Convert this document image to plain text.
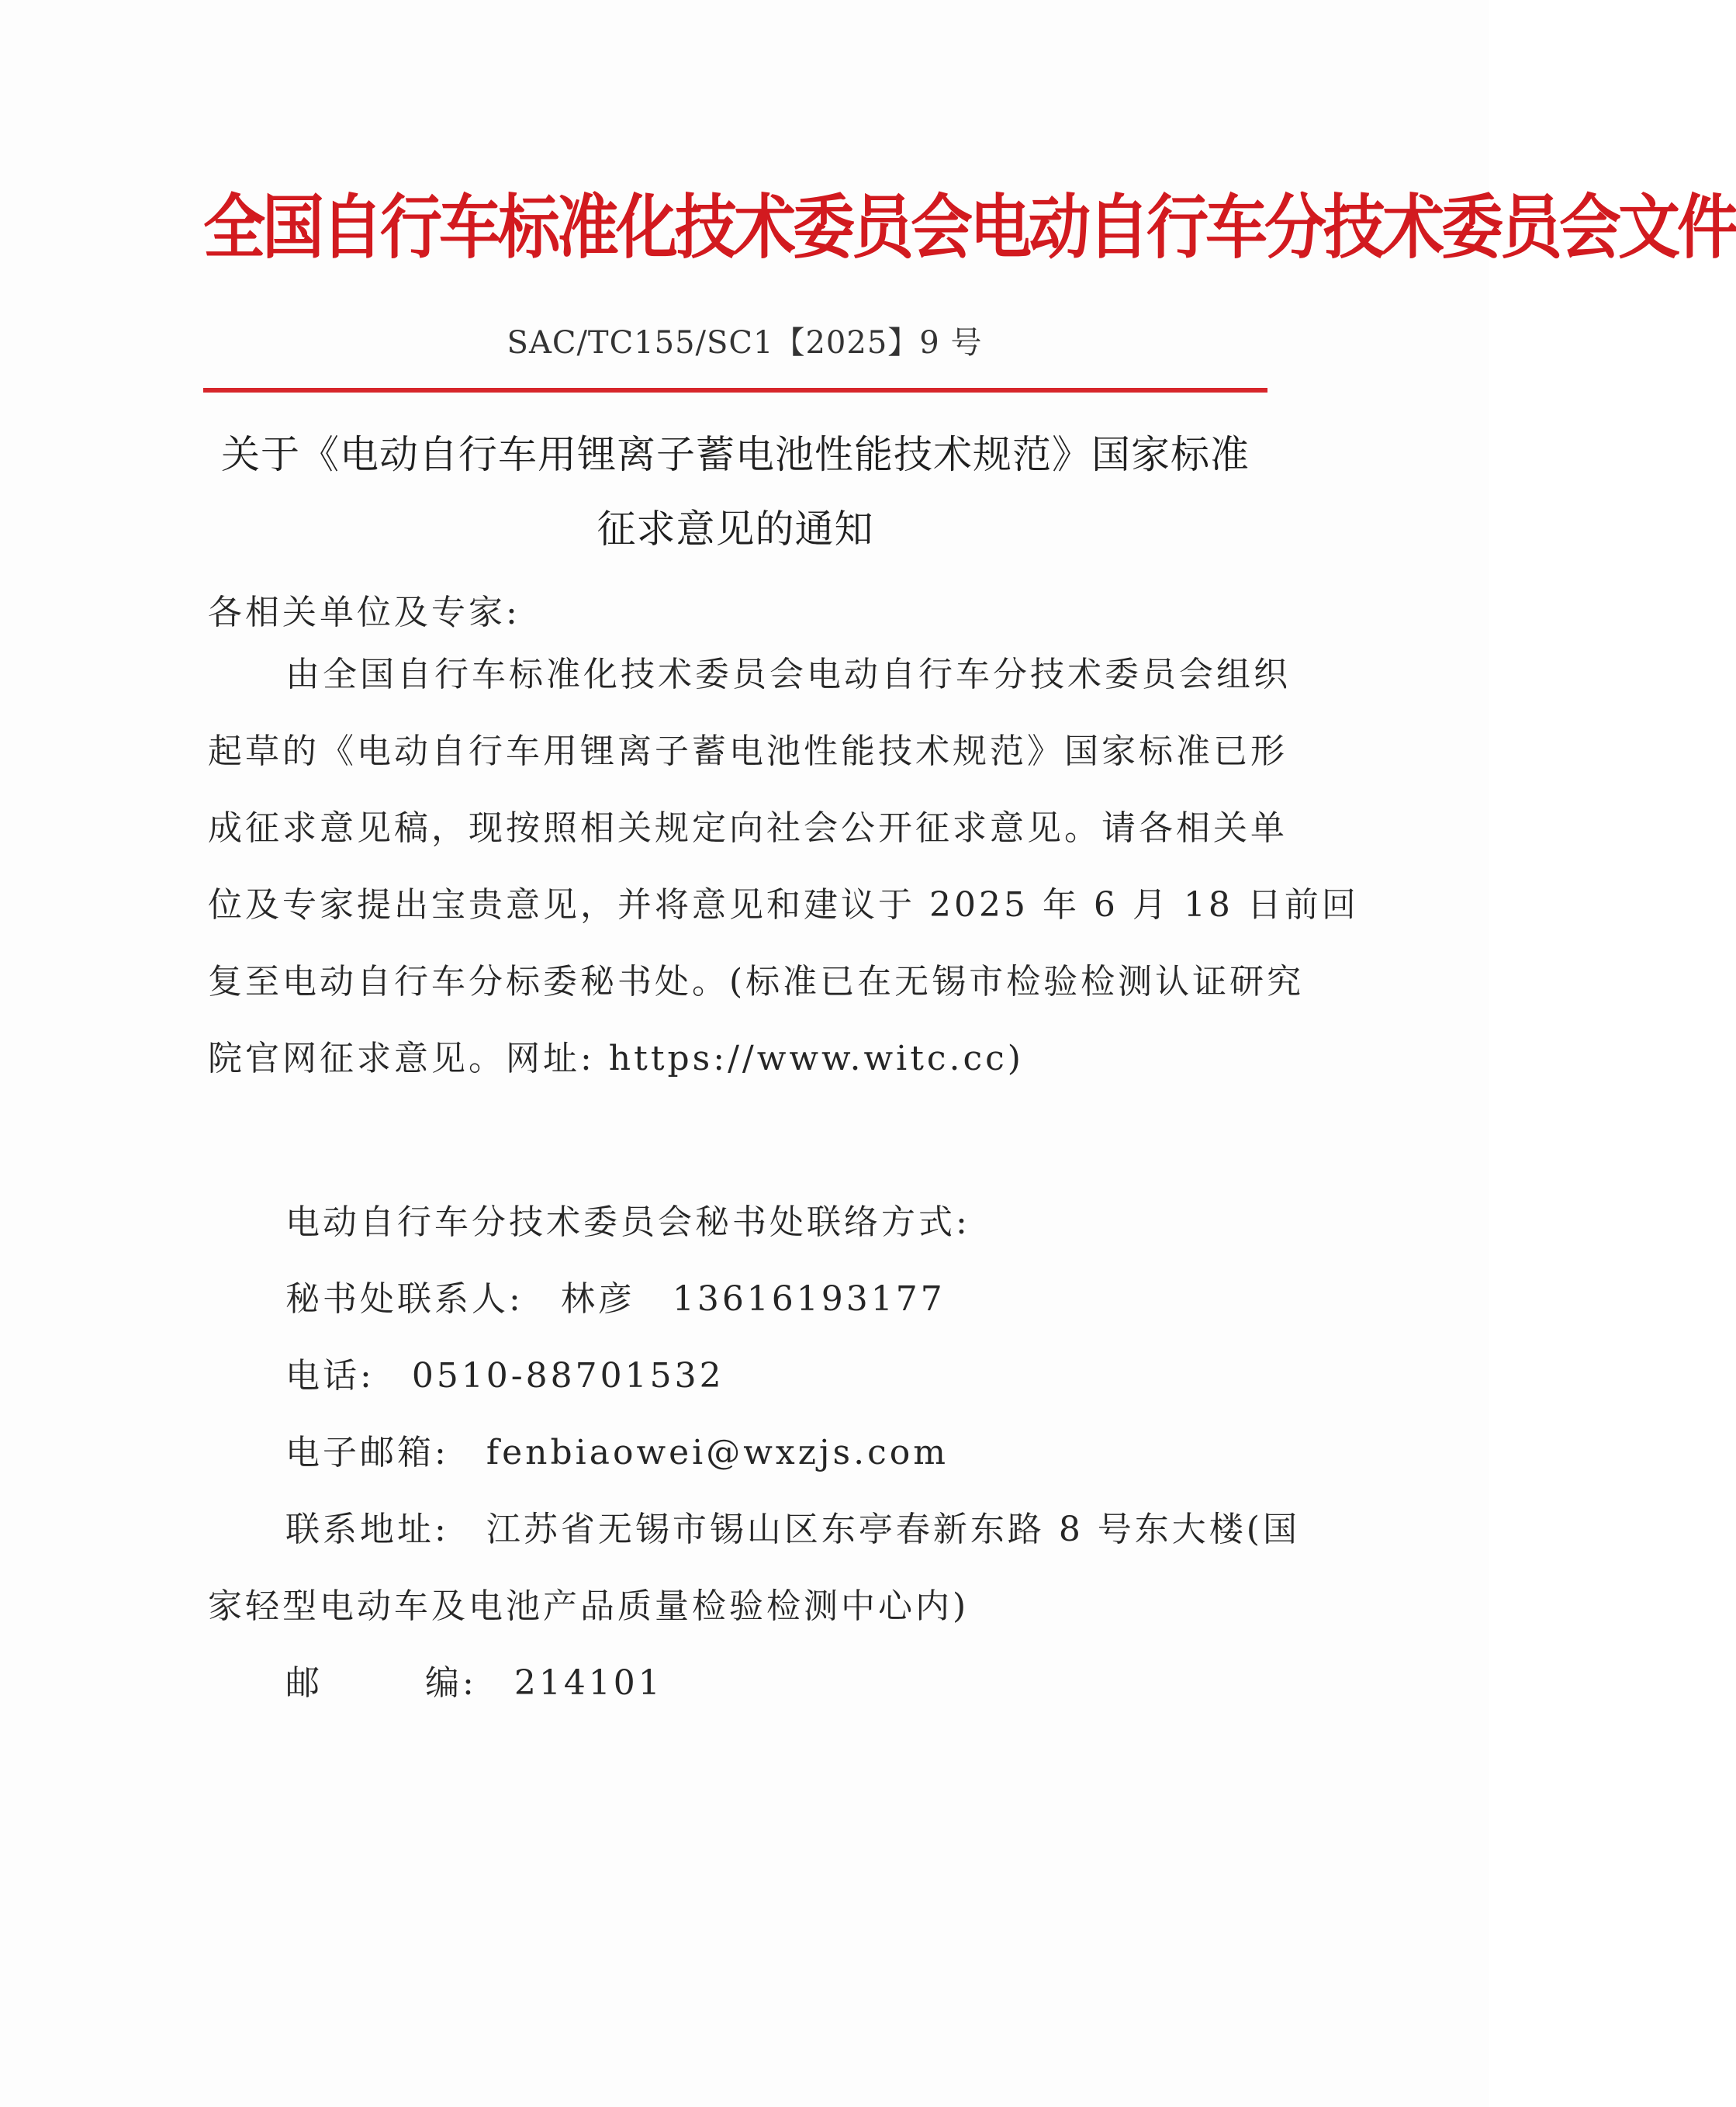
全国自行车标准化技术委员会电动自行车分技术委员会文件
SAC/TC155/SC1【2025】9 号
关于《电动自行车用锂离子蓄电池性能技术规范》国家标准
征求意见的通知
各相关单位及专家:
由全国自行车标准化技术委员会电动自行车分技术委员会组织
起草的《电动自行车用锂离子蓄电池性能技术规范》国家标准已形
成征求意见稿，现按照相关规定向社会公开征求意见。请各相关单
位及专家提出宝贵意见，并将意见和建议于 2025 年 6 月 18 日前回
复至电动自行车分标委秘书处。(标准已在无锡市检验检测认证研究
院官网征求意见。网址: https://www.witc.cc)
电动自行车分技术委员会秘书处联络方式:
秘书处联系人: 林彦　13616193177
电话: 0510-88701532
电子邮箱: fenbiaowei@wxzjs.com
联系地址: 江苏省无锡市锡山区东亭春新东路 8 号东大楼(国
家轻型电动车及电池产品质量检验检测中心内)
邮	编: 214101
